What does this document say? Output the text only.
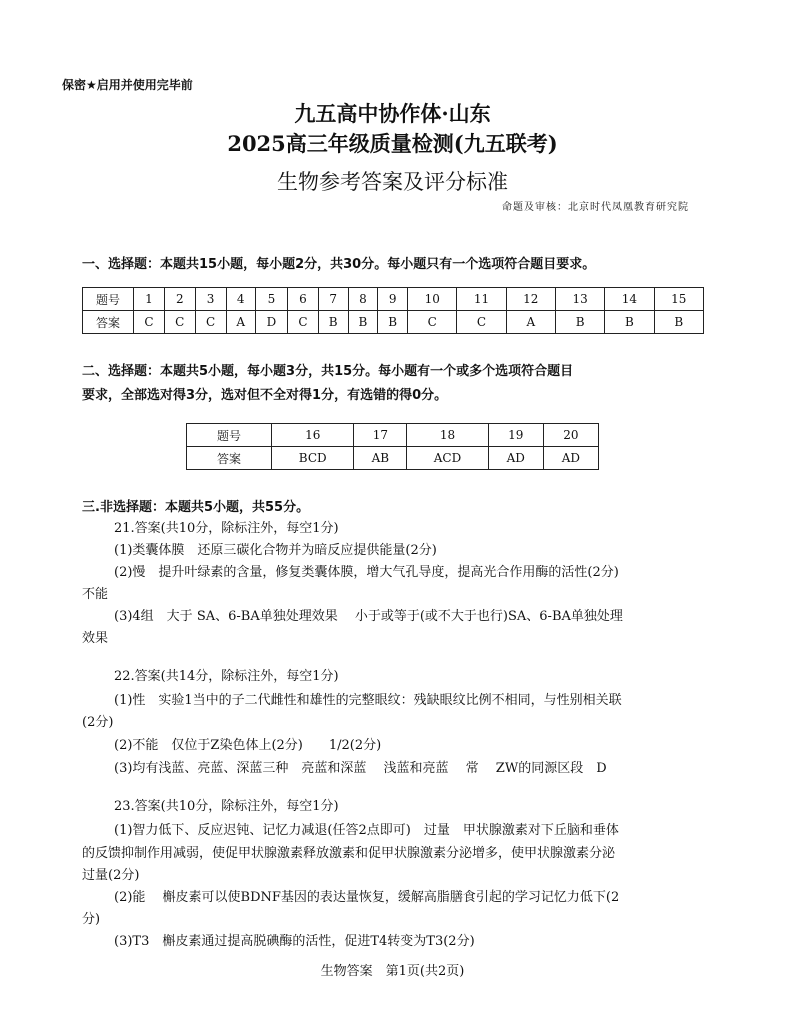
保密★启用并使用完毕前
九五高中协作体·山东
2025高三年级质量检测(九五联考)
生物参考答案及评分标准
命题及审核：北京时代凤凰教育研究院
一、选择题：本题共15小题，每小题2分，共30分。每小题只有一个选项符合题目要求。
题号	1	2	3	4	5	6	7	8	9	10	11	12	13	14	15
答案	C	C	C	A	D	C	B	B	B	C	C	A	B	B	B
二、选择题：本题共5小题，每小题3分，共15分。每小题有一个或多个选项符合题目
要求，全部选对得3分，选对但不全对得1分，有选错的得0分。
题号	16	17	18	19	20
答案	BCD	AB	ACD	AD	AD
三.非选择题：本题共5小题，共55分。
21.答案(共10分，除标注外，每空1分)
(1)类囊体膜　还原三碳化合物并为暗反应提供能量(2分)
(2)慢　提升叶绿素的含量，修复类囊体膜，增大气孔导度，提高光合作用酶的活性(2分)
不能
(3)4组　大于 SA、6-BA单独处理效果　 小于或等于(或不大于也行)SA、6-BA单独处理
效果
22.答案(共14分，除标注外，每空1分)
(1)性　实验1当中的子二代雌性和雄性的完整眼纹：残缺眼纹比例不相同，与性别相关联
(2分)
(2)不能　仅位于Z染色体上(2分)　　1/2(2分)
(3)均有浅蓝、亮蓝、深蓝三种　亮蓝和深蓝　 浅蓝和亮蓝　 常　 ZW的同源区段　D
23.答案(共10分，除标注外，每空1分)
(1)智力低下、反应迟钝、记忆力减退(任答2点即可)　过量　甲状腺激素对下丘脑和垂体
的反馈抑制作用减弱，使促甲状腺激素释放激素和促甲状腺激素分泌增多，使甲状腺激素分泌
过量(2分)
(2)能　 槲皮素可以使BDNF基因的表达量恢复，缓解高脂膳食引起的学习记忆力低下(2
分)
(3)T3　槲皮素通过提高脱碘酶的活性，促进T4转变为T3(2分)
生物答案　第1页(共2页)
